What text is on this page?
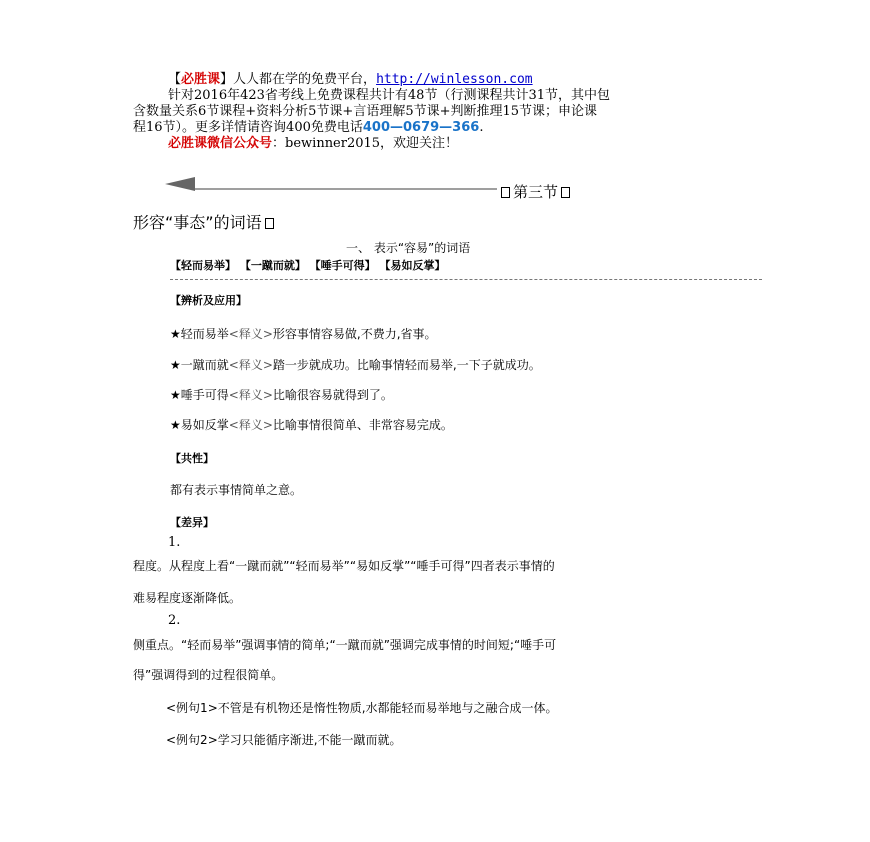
【必胜课】人人都在学的免费平台，http://winlesson.com
针对2016年423省考线上免费课程共计有48节（行测课程共计31节，其中包
含数量关系6节课程+资料分析5节课+言语理解5节课+判断推理15节课；申论课
程16节）。更多详情请咨询400免费电话400—0679—366.
必胜课微信公众号：bewinner2015，欢迎关注！
第三节
形容“事态”的词语
一、 表示“容易”的词语
【轻而易举】 【一蹴而就】 【唾手可得】 【易如反掌】
【辨析及应用】
★轻而易举<释义>形容事情容易做,不费力,省事。
★一蹴而就<释义>踏一步就成功。比喻事情轻而易举,一下子就成功。
★唾手可得<释义>比喻很容易就得到了。
★易如反掌<释义>比喻事情很简单、非常容易完成。
【共性】
都有表示事情简单之意。
【差异】
1.
程度。从程度上看“一蹴而就”“轻而易举”“易如反掌”“唾手可得”四者表示事情的
难易程度逐渐降低。
2.
侧重点。“轻而易举”强调事情的简单;“一蹴而就”强调完成事情的时间短;“唾手可
得”强调得到的过程很简单。
<例句1>不管是有机物还是惰性物质,水都能轻而易举地与之融合成一体。
<例句2>学习只能循序渐进,不能一蹴而就。
